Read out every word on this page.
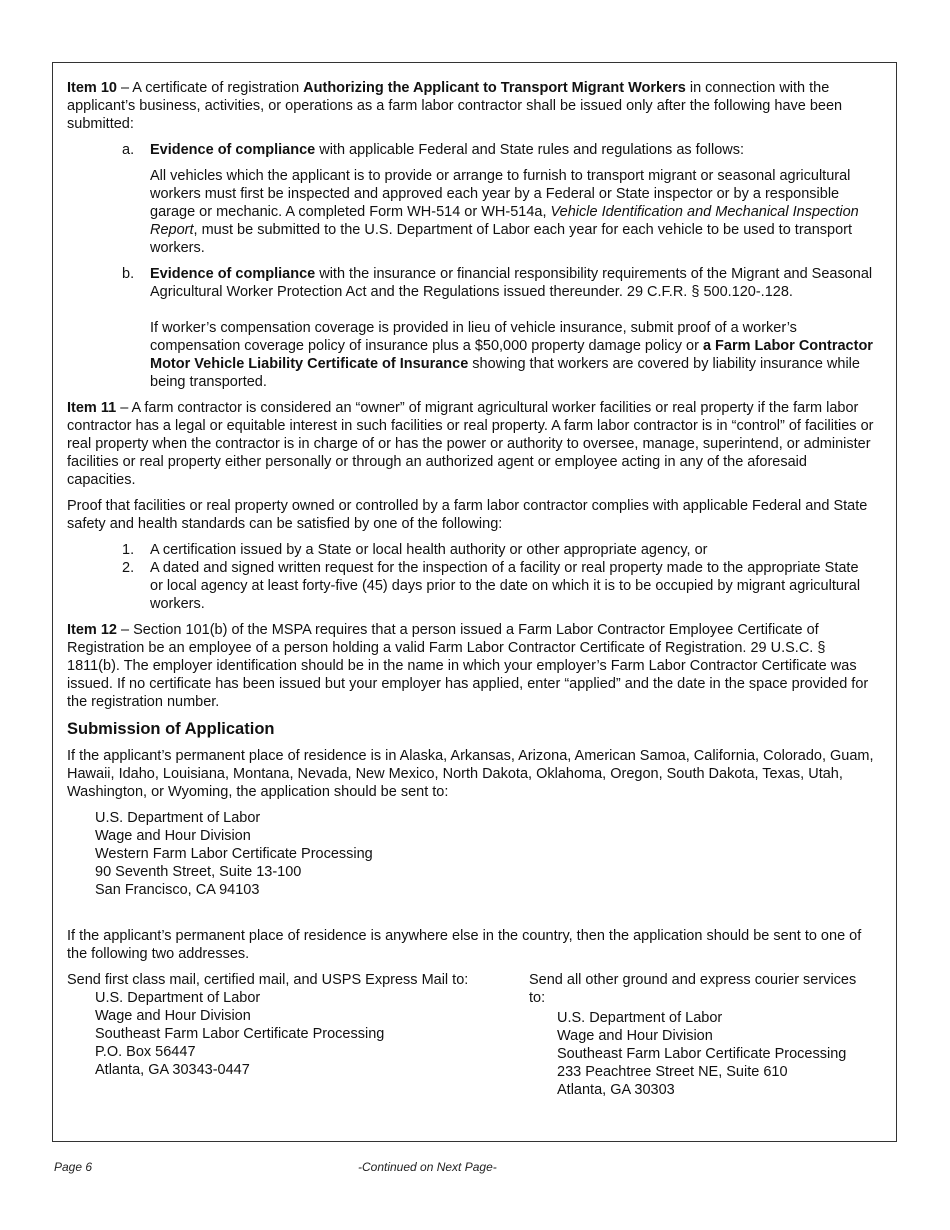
Item 10 – A certificate of registration Authorizing the Applicant to Transport Migrant Workers in connection with the applicant’s business, activities, or operations as a farm labor contractor shall be issued only after the following have been submitted:

a.	Evidence of compliance with applicable Federal and State rules and regulations as follows:

All vehicles which the applicant is to provide or arrange to furnish to transport migrant or seasonal agricultural workers must first be inspected and approved each year by a Federal or State inspector or by a responsible garage or mechanic. A completed Form WH-514 or WH-514a, Vehicle Identification and Mechanical Inspection Report, must be submitted to the U.S. Department of Labor each year for each vehicle to be used to transport workers.

b.	Evidence of compliance with the insurance or financial responsibility requirements of the Migrant and Seasonal Agricultural Worker Protection Act and the Regulations issued thereunder. 29 C.F.R. § 500.120-.128.

If worker’s compensation coverage is provided in lieu of vehicle insurance, submit proof of a worker’s compensation coverage policy of insurance plus a $50,000 property damage policy or a Farm Labor Contractor Motor Vehicle Liability Certificate of Insurance showing that workers are covered by liability insurance while being transported.

Item 11 – A farm contractor is considered an “owner” of migrant agricultural worker facilities or real property if the farm labor contractor has a legal or equitable interest in such facilities or real property. A farm labor contractor is in “control” of facilities or real property when the contractor is in charge of or has the power or authority to oversee, manage, superintend, or administer facilities or real property either personally or through an authorized agent or employee acting in any of the aforesaid capacities.

Proof that facilities or real property owned or controlled by a farm labor contractor complies with applicable Federal and State safety and health standards can be satisfied by one of the following:

1.	A certification issued by a State or local health authority or other appropriate agency, or
2.	A dated and signed written request for the inspection of a facility or real property made to the appropriate State or local agency at least forty-five (45) days prior to the date on which it is to be occupied by migrant agricultural workers.

Item 12 – Section 101(b) of the MSPA requires that a person issued a Farm Labor Contractor Employee Certificate of Registration be an employee of a person holding a valid Farm Labor Contractor Certificate of Registration. 29 U.S.C. § 1811(b). The employer identification should be in the name in which your employer’s Farm Labor Contractor Certificate was issued. If no certificate has been issued but your employer has applied, enter “applied” and the date in the space provided for the registration number.

Submission of Application

If the applicant’s permanent place of residence is in Alaska, Arkansas, Arizona, American Samoa, California, Colorado, Guam, Hawaii, Idaho, Louisiana, Montana, Nevada, New Mexico, North Dakota, Oklahoma, Oregon, South Dakota, Texas, Utah, Washington, or Wyoming, the application should be sent to:

U.S. Department of Labor
Wage and Hour Division
Western Farm Labor Certificate Processing
90 Seventh Street, Suite 13-100
San Francisco, CA 94103

If the applicant’s permanent place of residence is anywhere else in the country, then the application should be sent to one of the following two addresses.

Send first class mail, certified mail, and USPS Express Mail to:
U.S. Department of Labor
Wage and Hour Division
Southeast Farm Labor Certificate Processing
P.O. Box 56447
Atlanta, GA 30343-0447
Send all other ground and express courier services to:
U.S. Department of Labor
Wage and Hour Division
Southeast Farm Labor Certificate Processing
233 Peachtree Street NE, Suite 610
Atlanta, GA 30303
Page 6	-Continued on Next Page-
